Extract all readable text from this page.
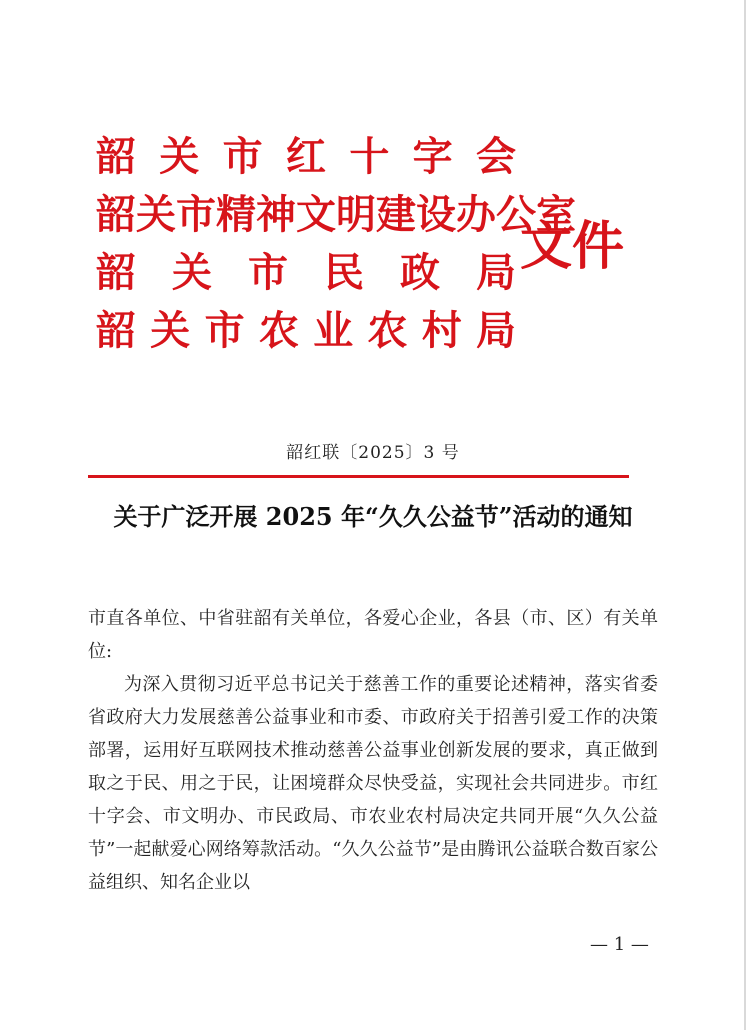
韶关市红十字会
韶关市精神文明建设办公室
韶关市民政局
韶关市农业农村局
文件
韶红联〔2025〕3 号
关于广泛开展 2025 年“久久公益节”活动的通知

市直各单位、中省驻韶有关单位，各爱心企业，各县（市、区）有关单位:

为深入贯彻习近平总书记关于慈善工作的重要论述精神，落实省委省政府大力发展慈善公益事业和市委、市政府关于招善引爱工作的决策部署，运用好互联网技术推动慈善公益事业创新发展的要求，真正做到取之于民、用之于民，让困境群众尽快受益，实现社会共同进步。市红十字会、市文明办、市民政局、市农业农村局决定共同开展“久久公益节”一起献爱心网络筹款活动。“久久公益节”是由腾讯公益联合数百家公益组织、知名企业以

— 1 —
